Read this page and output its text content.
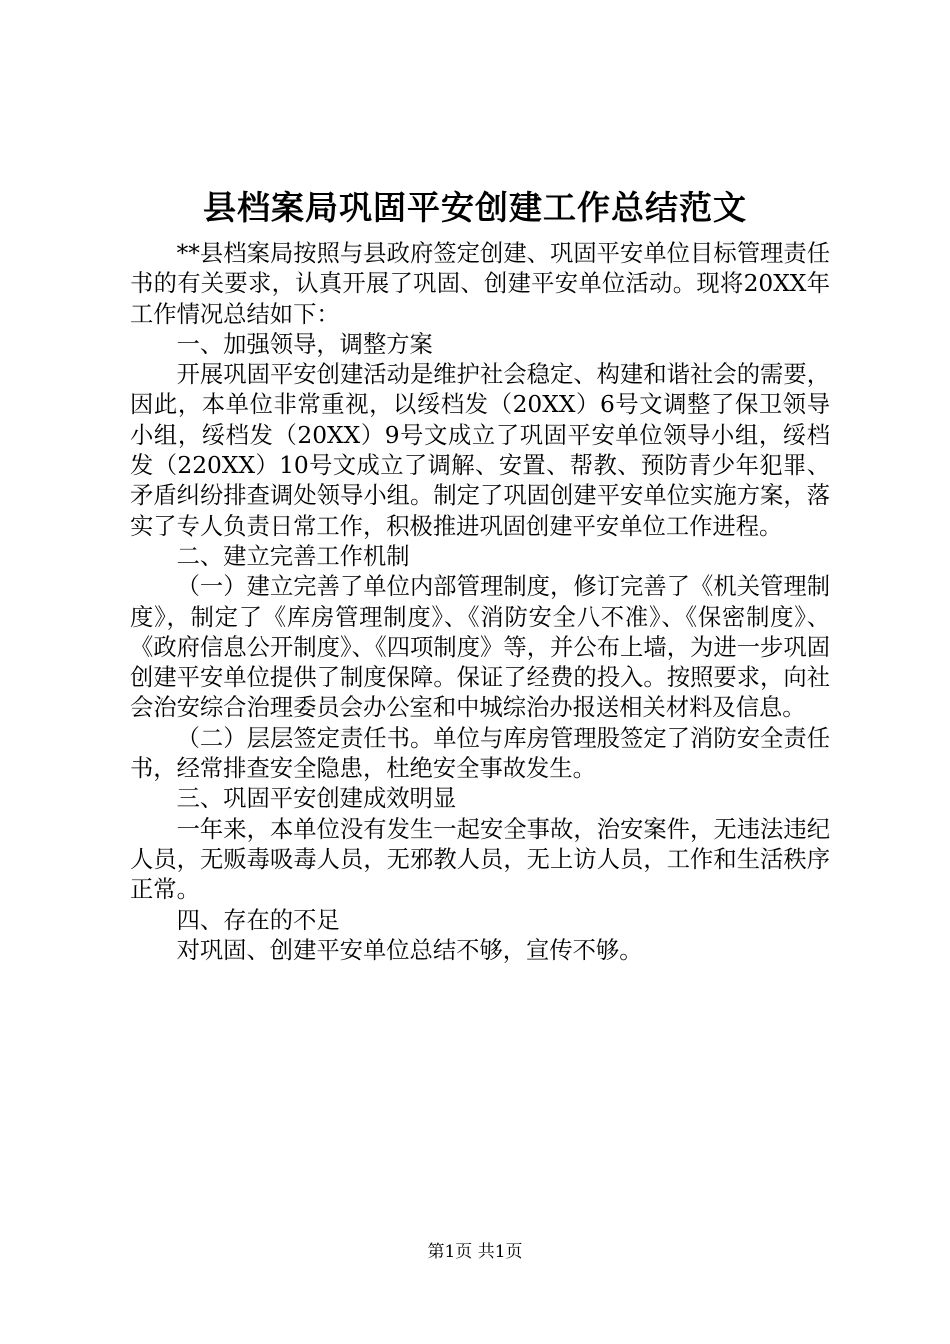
县档案局巩固平安创建工作总结范文

**县档案局按照与县政府签定创建、巩固平安单位目标管理责任书的有关要求，认真开展了巩固、创建平安单位活动。现将20XX年工作情况总结如下：

一、加强领导，调整方案

开展巩固平安创建活动是维护社会稳定、构建和谐社会的需要，因此，本单位非常重视，以绥档发（20XX）6号文调整了保卫领导小组，绥档发（20XX）9号文成立了巩固平安单位领导小组，绥档发（220XX）10号文成立了调解、安置、帮教、预防青少年犯罪、矛盾纠纷排查调处领导小组。制定了巩固创建平安单位实施方案，落实了专人负责日常工作，积极推进巩固创建平安单位工作进程。

二、建立完善工作机制

（一）建立完善了单位内部管理制度，修订完善了《机关管理制度》，制定了《库房管理制度》、《消防安全八不准》、《保密制度》、《政府信息公开制度》、《四项制度》等，并公布上墙，为进一步巩固创建平安单位提供了制度保障。保证了经费的投入。按照要求，向社会治安综合治理委员会办公室和中城综治办报送相关材料及信息。

（二）层层签定责任书。单位与库房管理股签定了消防安全责任书，经常排查安全隐患，杜绝安全事故发生。

三、巩固平安创建成效明显

一年来，本单位没有发生一起安全事故，治安案件，无违法违纪人员，无贩毒吸毒人员，无邪教人员，无上访人员，工作和生活秩序正常。

四、存在的不足

对巩固、创建平安单位总结不够，宣传不够。

第1页 共1页
